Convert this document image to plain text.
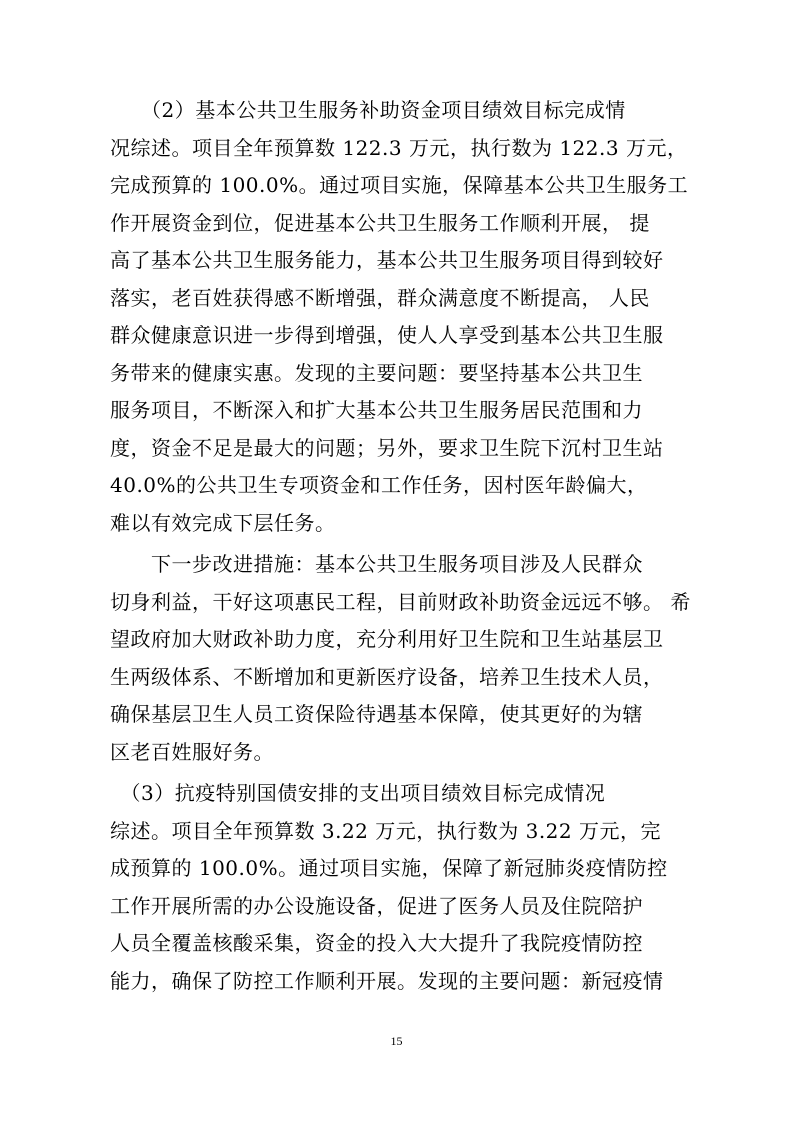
　　（2）基本公共卫生服务补助资金项目绩效目标完成情
况综述。项目全年预算数 122.3 万元，执行数为 122.3 万元，
完成预算的 100.0%。通过项目实施，保障基本公共卫生服务工
作开展资金到位，促进基本公共卫生服务工作顺利开展， 提
高了基本公共卫生服务能力，基本公共卫生服务项目得到较好
落实，老百姓获得感不断增强，群众满意度不断提高， 人民
群众健康意识进一步得到增强，使人人享受到基本公共卫生服
务带来的健康实惠。发现的主要问题：要坚持基本公共卫生
服务项目，不断深入和扩大基本公共卫生服务居民范围和力
度，资金不足是最大的问题；另外，要求卫生院下沉村卫生站
40.0%的公共卫生专项资金和工作任务，因村医年龄偏大，
难以有效完成下层任务。
　　下一步改进措施：基本公共卫生服务项目涉及人民群众
切身利益，干好这项惠民工程，目前财政补助资金远远不够。 希
望政府加大财政补助力度，充分利用好卫生院和卫生站基层卫
生两级体系、不断增加和更新医疗设备，培养卫生技术人员，
确保基层卫生人员工资保险待遇基本保障，使其更好的为辖
区老百姓服好务。
　（3）抗疫特别国债安排的支出项目绩效目标完成情况
综述。项目全年预算数 3.22 万元，执行数为 3.22 万元，完
成预算的 100.0%。通过项目实施，保障了新冠肺炎疫情防控
工作开展所需的办公设施设备，促进了医务人员及住院陪护
人员全覆盖核酸采集，资金的投入大大提升了我院疫情防控
能力，确保了防控工作顺利开展。发现的主要问题：新冠疫情
15
